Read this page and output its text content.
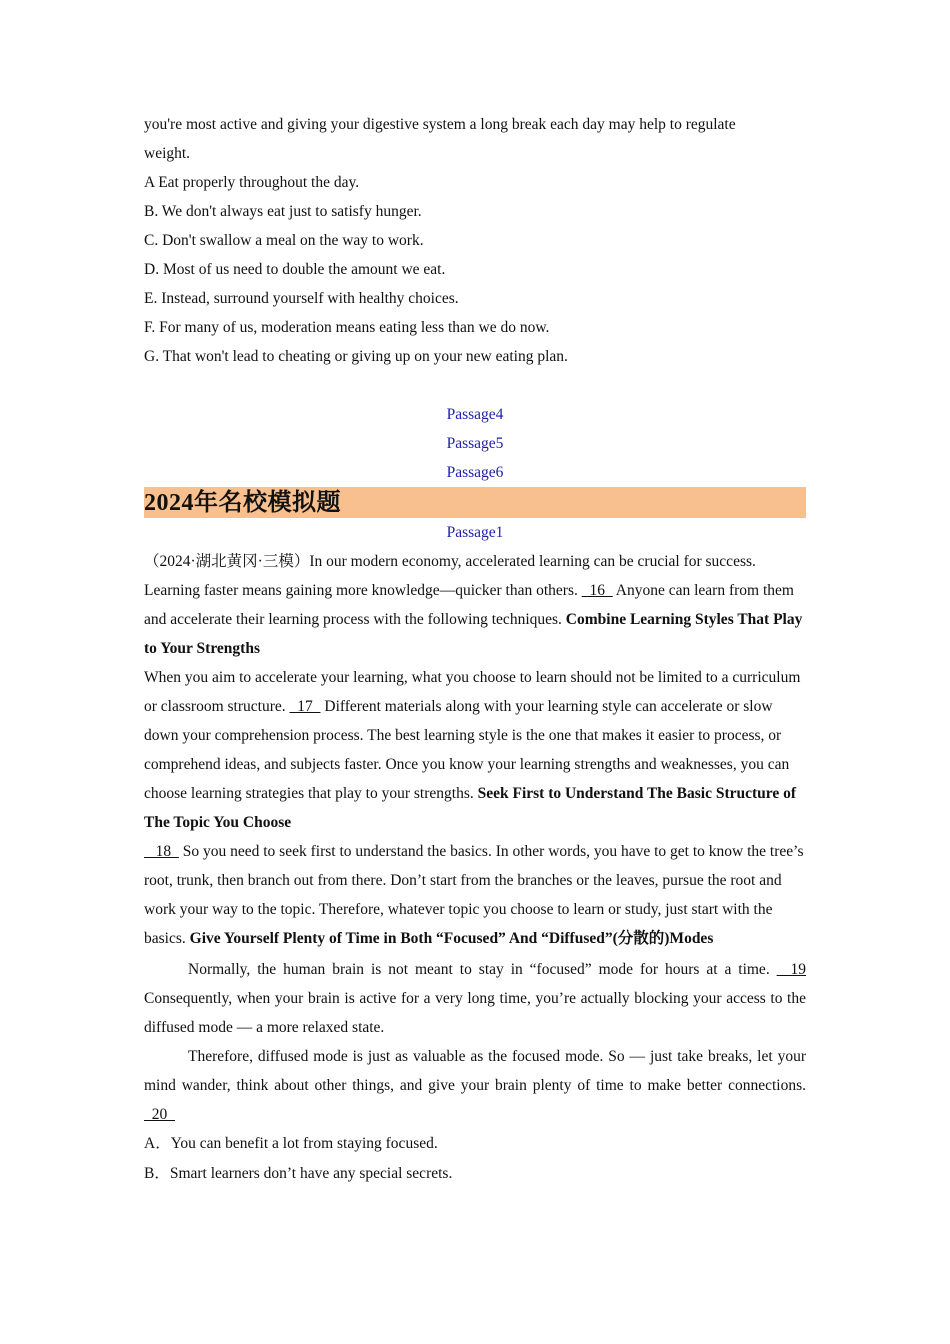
you're most active and giving your digestive system a long break each day may help to regulate

weight.

A Eat properly throughout the day.

B. We don't always eat just to satisfy hunger.

C. Don't swallow a meal on the way to work.

D. Most of us need to double the amount we eat.

E. Instead, surround yourself with healthy choices.

F. For many of us, moderation means eating less than we do now.

G. That won't lead to cheating or giving up on your new eating plan.

Passage4

Passage5

Passage6

2024年名校模拟题

Passage1

（2024·湖北黄冈·三模）In our modern economy, accelerated learning can be crucial for success. Learning faster means gaining more knowledge—quicker than others.   16   Anyone can learn from them and accelerate their learning process with the following techniques. Combine Learning Styles That Play to Your Strengths

When you aim to accelerate your learning, what you choose to learn should not be limited to a curriculum or classroom structure.   17   Different materials along with your learning style can accelerate or slow down your comprehension process. The best learning style is the one that makes it easier to process, or comprehend ideas, and subjects faster. Once you know your learning strengths and weaknesses, you can choose learning strategies that play to your strengths. Seek First to Understand The Basic Structure of The Topic You Choose

18   So you need to seek first to understand the basics. In other words, you have to get to know the tree’s root, trunk, then branch out from there. Don’t start from the branches or the leaves, pursue the root and work your way to the topic. Therefore, whatever topic you choose to learn or study, just start with the basics. Give Yourself Plenty of Time in Both “Focused” And “Diffused”(分散的)Modes

Normally, the human brain is not meant to stay in “focused” mode for hours at a time.   19 Consequently, when your brain is active for a very long time, you’re actually blocking your access to the diffused mode — a more relaxed state.

Therefore, diffused mode is just as valuable as the focused mode. So — just take breaks, let your mind wander, think about other things, and give your brain plenty of time to make better connections.   20

A．You can benefit a lot from staying focused.

B．Smart learners don’t have any special secrets.
